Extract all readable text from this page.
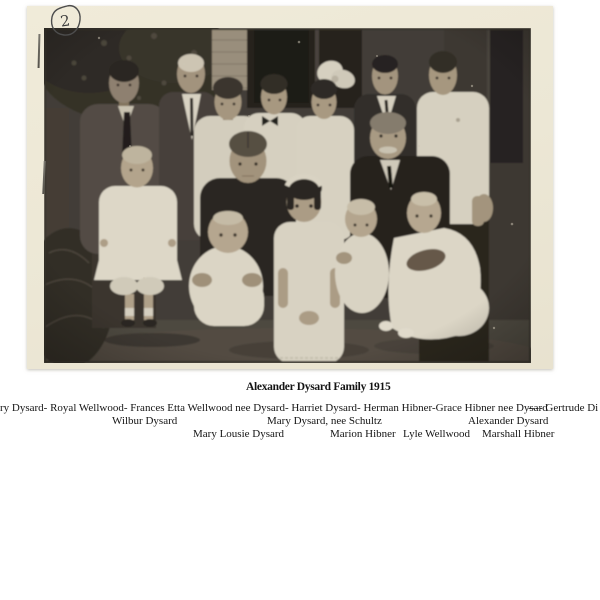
2
Alexander Dysard Family 1915
ry Dysard- Royal Wellwood- Frances Etta Wellwood nee Dysard- Harriet Dysard- Herman Hibner-Grace Hibner nee Dysard
---- Gertrude Di
Wilbur Dysard	Mary Dysard, nee Schultz	Alexander Dysard
Mary Lousie Dysard	Marion Hibner Lyle Wellwood Marshall Hibner
